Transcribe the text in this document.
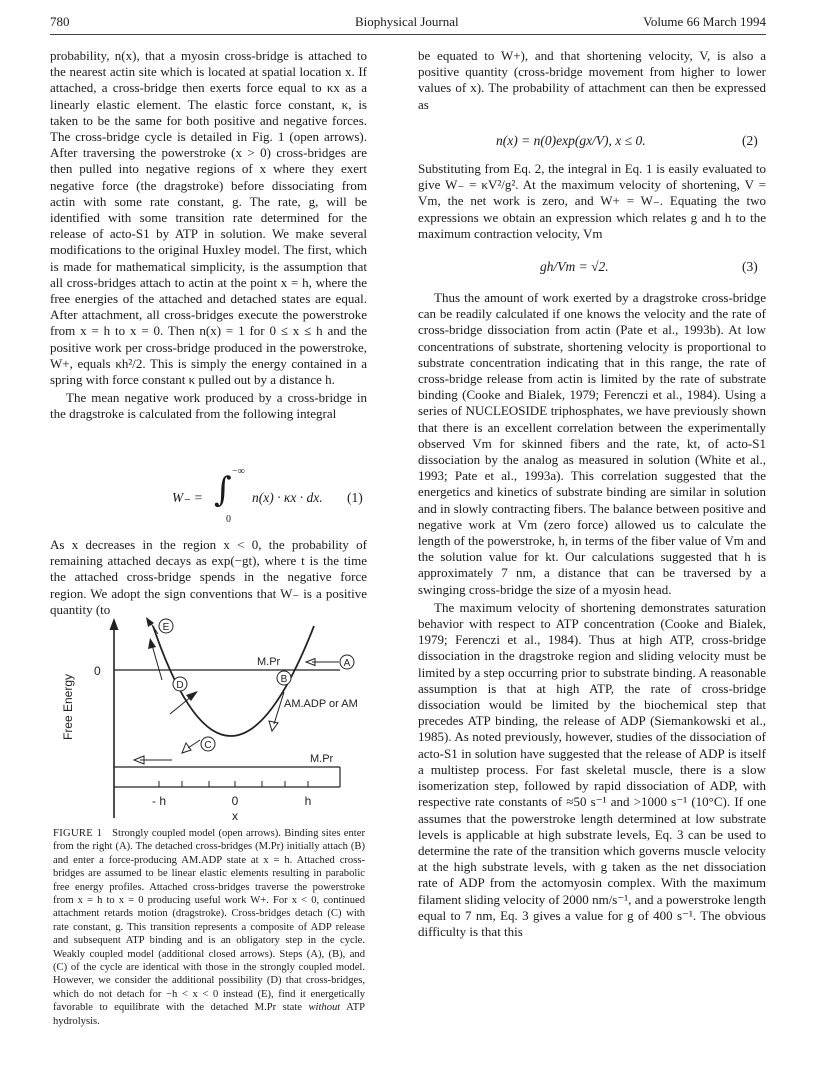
780	Biophysical Journal	Volume 66 March 1994

probability, n(x), that a myosin cross-bridge is attached to the nearest actin site which is located at spatial location x. If attached, a cross-bridge then exerts force equal to κx as a linearly elastic element. The elastic force constant, κ, is taken to be the same for both positive and negative forces. The cross-bridge cycle is detailed in Fig. 1 (open arrows). After traversing the powerstroke (x > 0) cross-bridges are then pulled into negative regions of x where they exert negative force (the dragstroke) before dissociating from actin with some rate constant, g. The rate, g, will be identified with some transition rate determined for the release of acto-S1 by ATP in solution. We make several modifications to the original Huxley model. The first, which is made for mathematical simplicity, is the assumption that all cross-bridges attach to actin at the point x = h, where the free energies of the attached and detached states are equal. After attachment, all cross-bridges execute the powerstroke from x = h to x = 0. Then n(x) = 1 for 0 ≤ x ≤ h and the positive work per cross-bridge produced in the powerstroke, W+, equals κh²/2. This is simply the energy contained in a spring with force constant κ pulled out by a distance h.

The mean negative work produced by a cross-bridge in the dragstroke is calculated from the following integral

W₋ = ∫ −∞
0
n(x) · κx · dx. (1)

As x decreases in the region x < 0, the probability of remaining attached decays as exp(−gt), where t is the time the attached cross-bridge spends in the negative force region. We adopt the sign conventions that W₋ is a positive quantity (to

Free Energy
0
- h	0	h
x
M.Pr
M.Pr
AM.ADP or AM
A
B
C
D
E
FIGURE 1 Strongly coupled model (open arrows). Binding sites enter from the right (A). The detached cross-bridges (M.Pr) initially attach (B) and enter a force-producing AM.ADP state at x = h. Attached cross-bridges are assumed to be linear elastic elements resulting in parabolic free energy profiles. Attached cross-bridges traverse the powerstroke from x = h to x = 0 producing useful work W+. For x < 0, continued attachment retards motion (dragstroke). Cross-bridges detach (C) with rate constant, g. This transition represents a composite of ADP release and subsequent ATP binding and is an obligatory step in the cycle. Weakly coupled model (additional closed arrows). Steps (A), (B), and (C) of the cycle are identical with those in the strongly coupled model. However, we consider the additional possibility (D) that cross-bridges, which do not detach for −h < x < 0 instead (E), find it energetically favorable to equilibrate with the detached M.Pr state without ATP hydrolysis.

be equated to W+), and that shortening velocity, V, is also a positive quantity (cross-bridge movement from higher to lower values of x). The probability of attachment can then be expressed as

n(x) = n(0)exp(gx/V), x ≤ 0.	(2)

Substituting from Eq. 2, the integral in Eq. 1 is easily evaluated to give W₋ = κV²/g². At the maximum velocity of shortening, V = Vm, the net work is zero, and W+ = W₋. Equating the two expressions we obtain an expression which relates g and h to the maximum contraction velocity, Vm

gh/Vm = √2.	(3)

Thus the amount of work exerted by a dragstroke cross-bridge can be readily calculated if one knows the velocity and the rate of cross-bridge dissociation from actin (Pate et al., 1993b). At low concentrations of substrate, shortening velocity is proportional to substrate concentration indicating that in this range, the rate of cross-bridge release from actin is limited by the rate of substrate binding (Cooke and Bialek, 1979; Ferenczi et al., 1984). Using a series of NUCLEOSIDE triphosphates, we have previously shown that there is an excellent correlation between the experimentally observed Vm for skinned fibers and the rate, kt, of acto-S1 dissociation by the analog as measured in solution (White et al., 1993; Pate et al., 1993a). This correlation suggested that the energetics and kinetics of substrate binding are similar in solution and in slowly contracting fibers. The balance between positive and negative work at Vm (zero force) allowed us to calculate the length of the powerstroke, h, in terms of the fiber value of Vm and the solution value for kt. Our calculations suggested that h is approximately 7 nm, a distance that can be traversed by a swinging cross-bridge the size of a myosin head.

The maximum velocity of shortening demonstrates saturation behavior with respect to ATP concentration (Cooke and Bialek, 1979; Ferenczi et al., 1984). Thus at high ATP, cross-bridge dissociation in the dragstroke region and sliding velocity must be limited by a step occurring prior to substrate binding. A reasonable assumption is that at high ATP, the rate of cross-bridge dissociation would be limited by the biochemical step that precedes ATP binding, the release of ADP (Siemankowski et al., 1985). As noted previously, however, studies of the dissociation of acto-S1 in solution have suggested that the release of ADP is itself a multistep process. For fast skeletal muscle, there is a slow isomerization step, followed by rapid dissociation of ADP, with respective rate constants of ≈50 s⁻¹ and >1000 s⁻¹ (10°C). If one assumes that the powerstroke length determined at low substrate levels is applicable at high substrate levels, Eq. 3 can be used to determine the rate of the transition which governs muscle velocity at the high substrate levels, with g taken as the net dissociation rate of ADP from the actomyosin complex. With the maximum filament sliding velocity of 2000 nm/s⁻¹, and a powerstroke length equal to 7 nm, Eq. 3 gives a value for g of 400 s⁻¹. The obvious difficulty is that this
